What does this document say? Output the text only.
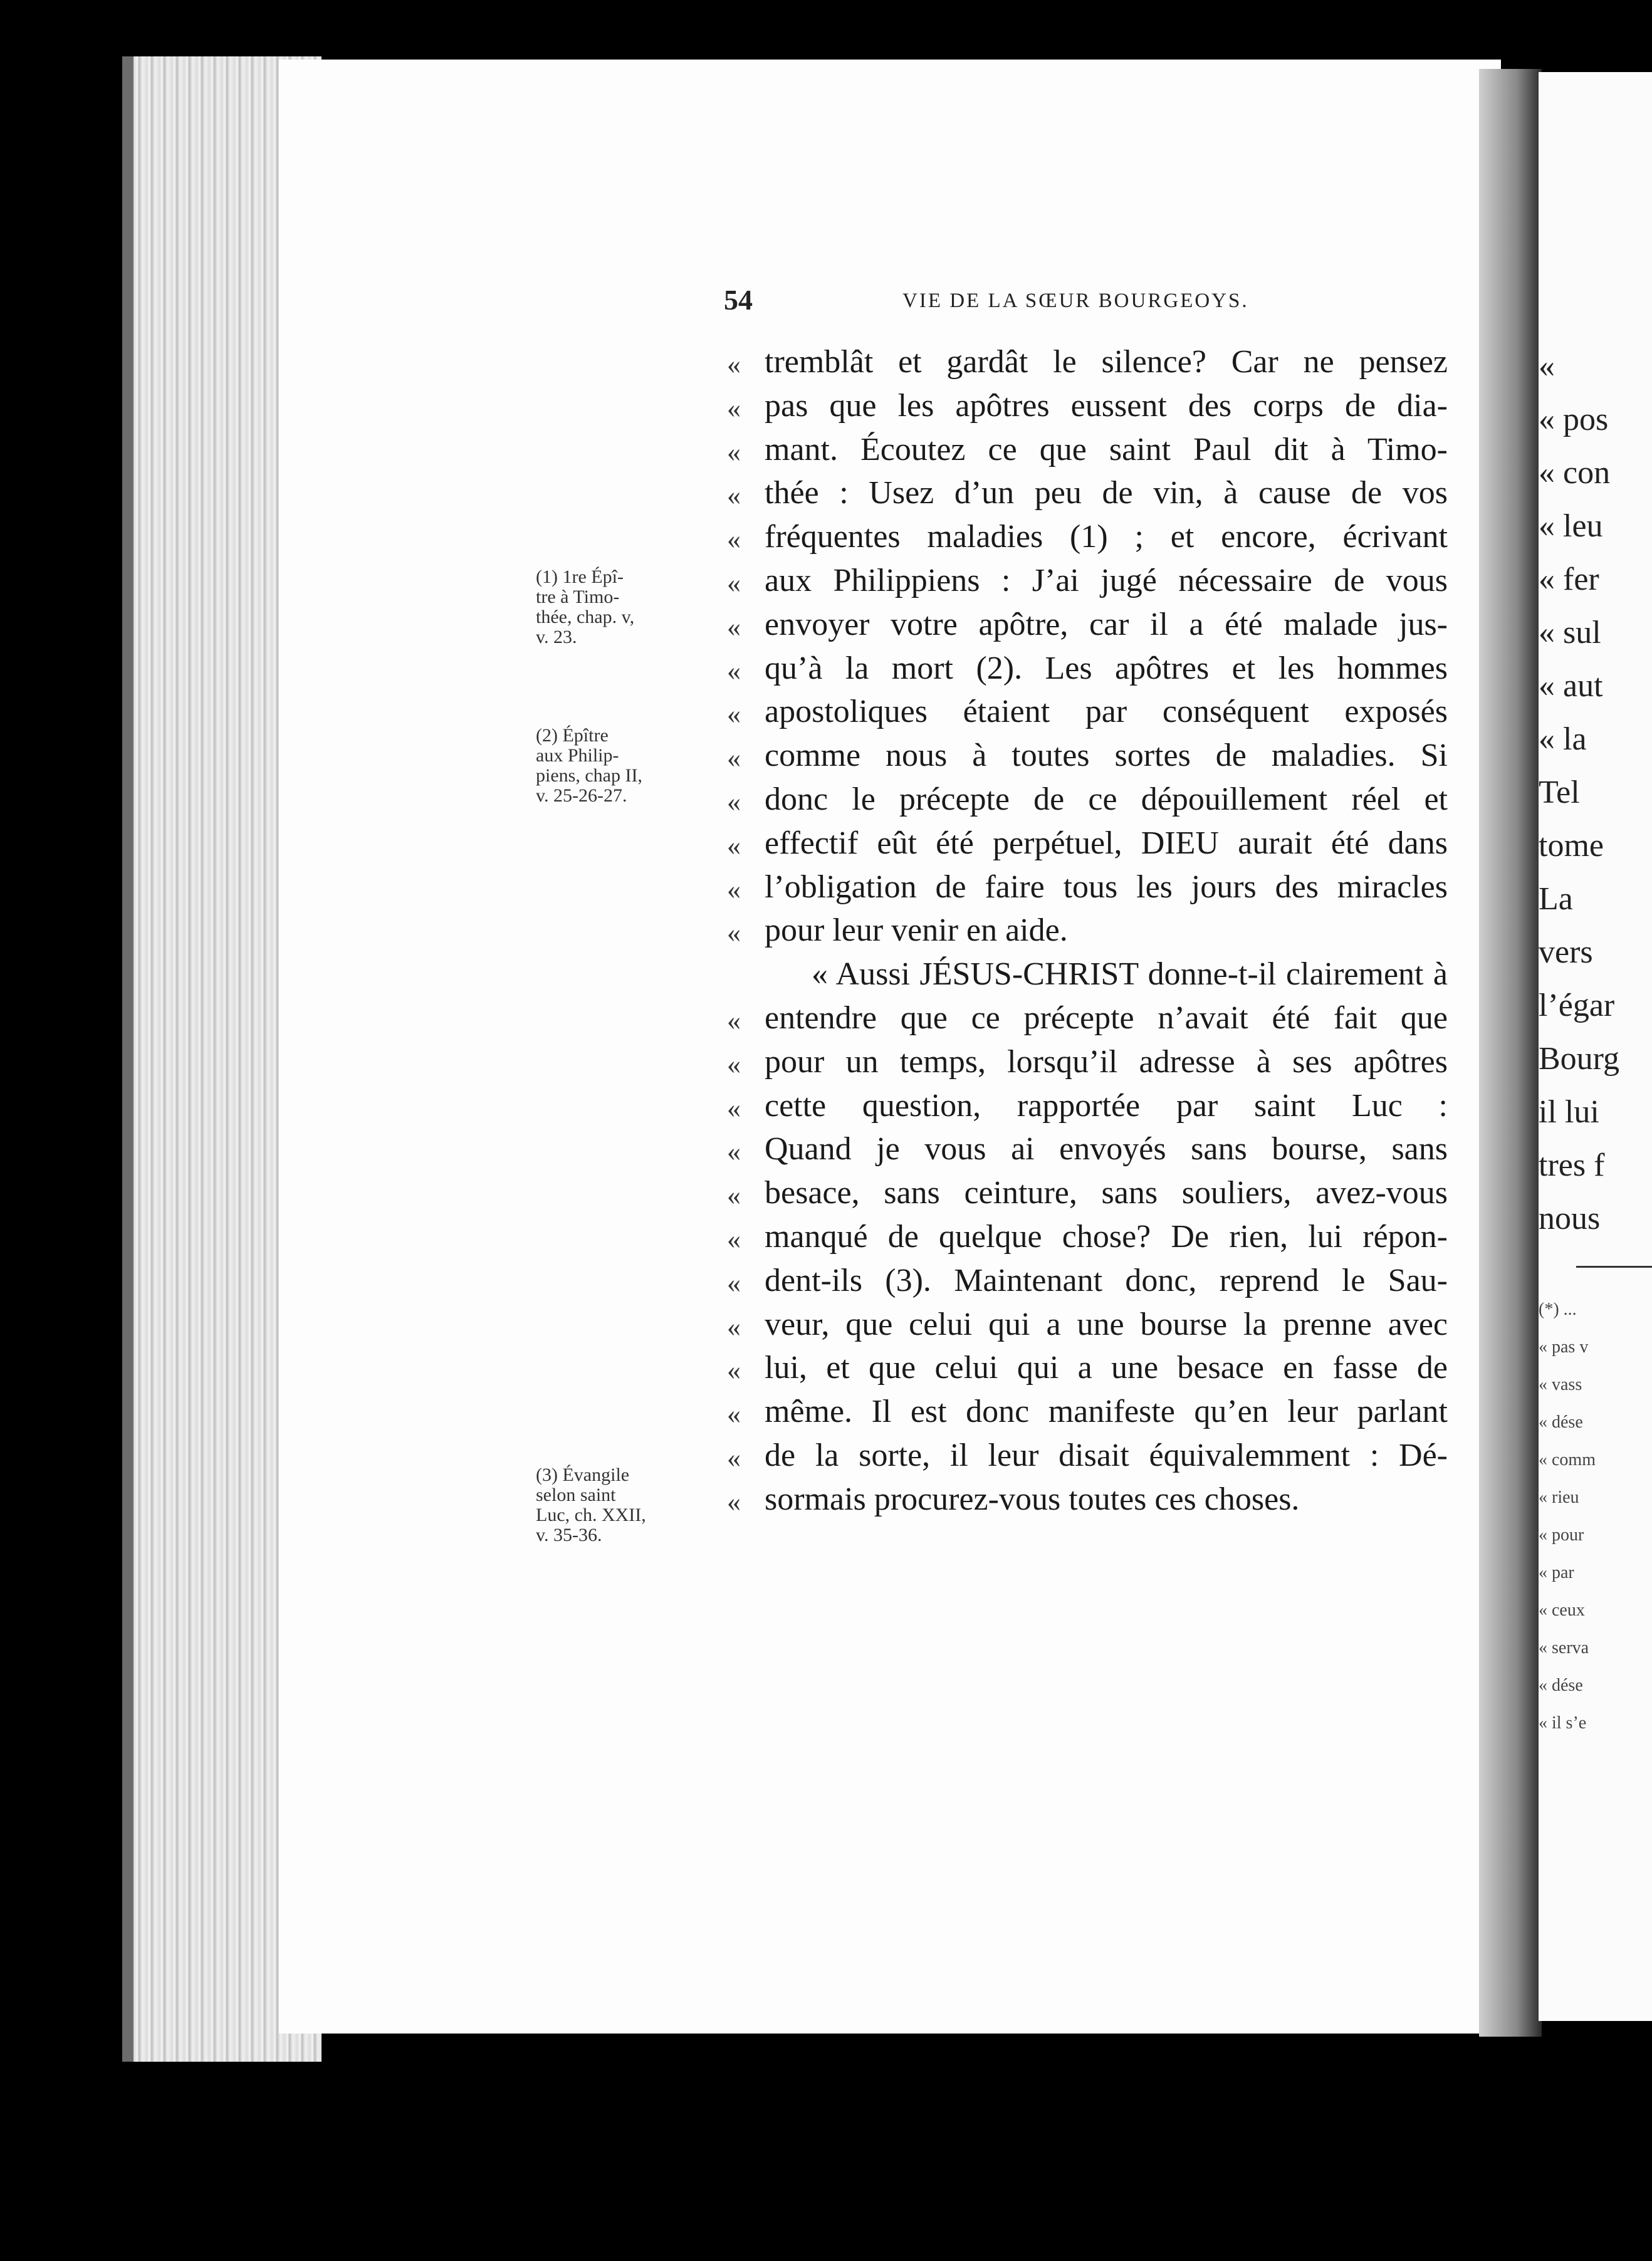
«
« pos
« con
« leu
« fer
« sul
« aut
« la
Tel
tome
La
vers
l’égar
Bourg
il lui
tres f
nous
(*) ...
« pas v
« vass
« dése
« comm
« rieu
« pour
« par
« ceux
« serva
« dése
« il s’e
54	VIE DE LA SŒUR BOURGEOYS.
« tremblât et gardât le silence? Car ne pensez
« pas que les apôtres eussent des corps de dia-
« mant. Écoutez ce que saint Paul dit à Timo-
« thée : Usez d’un peu de vin, à cause de vos
« fréquentes maladies (1) ; et encore, écrivant
« aux Philippiens : J’ai jugé nécessaire de vous
« envoyer votre apôtre, car il a été malade jus-
« qu’à la mort (2). Les apôtres et les hommes
« apostoliques étaient par conséquent exposés
« comme nous à toutes sortes de maladies. Si
« donc le précepte de ce dépouillement réel et
« effectif eût été perpétuel, DIEU aurait été dans
« l’obligation de faire tous les jours des miracles
« pour leur venir en aide.
« Aussi JÉSUS-CHRIST donne-t-il clairement à
« entendre que ce précepte n’avait été fait que
« pour un temps, lorsqu’il adresse à ses apôtres
« cette question, rapportée par saint Luc :
« Quand je vous ai envoyés sans bourse, sans
« besace, sans ceinture, sans souliers, avez-vous
« manqué de quelque chose? De rien, lui répon-
« dent-ils (3). Maintenant donc, reprend le Sau-
« veur, que celui qui a une bourse la prenne avec
« lui, et que celui qui a une besace en fasse de
« même. Il est donc manifeste qu’en leur parlant
« de la sorte, il leur disait équivalemment : Dé-
« sormais procurez-vous toutes ces choses.
(1) 1re Épî-
tre à Timo-
thée, chap. v,
v. 23.
(2) Épître
aux Philip-
piens, chap II,
v. 25-26-27.
(3) Évangile
selon saint
Luc, ch. XXII,
v. 35-36.
